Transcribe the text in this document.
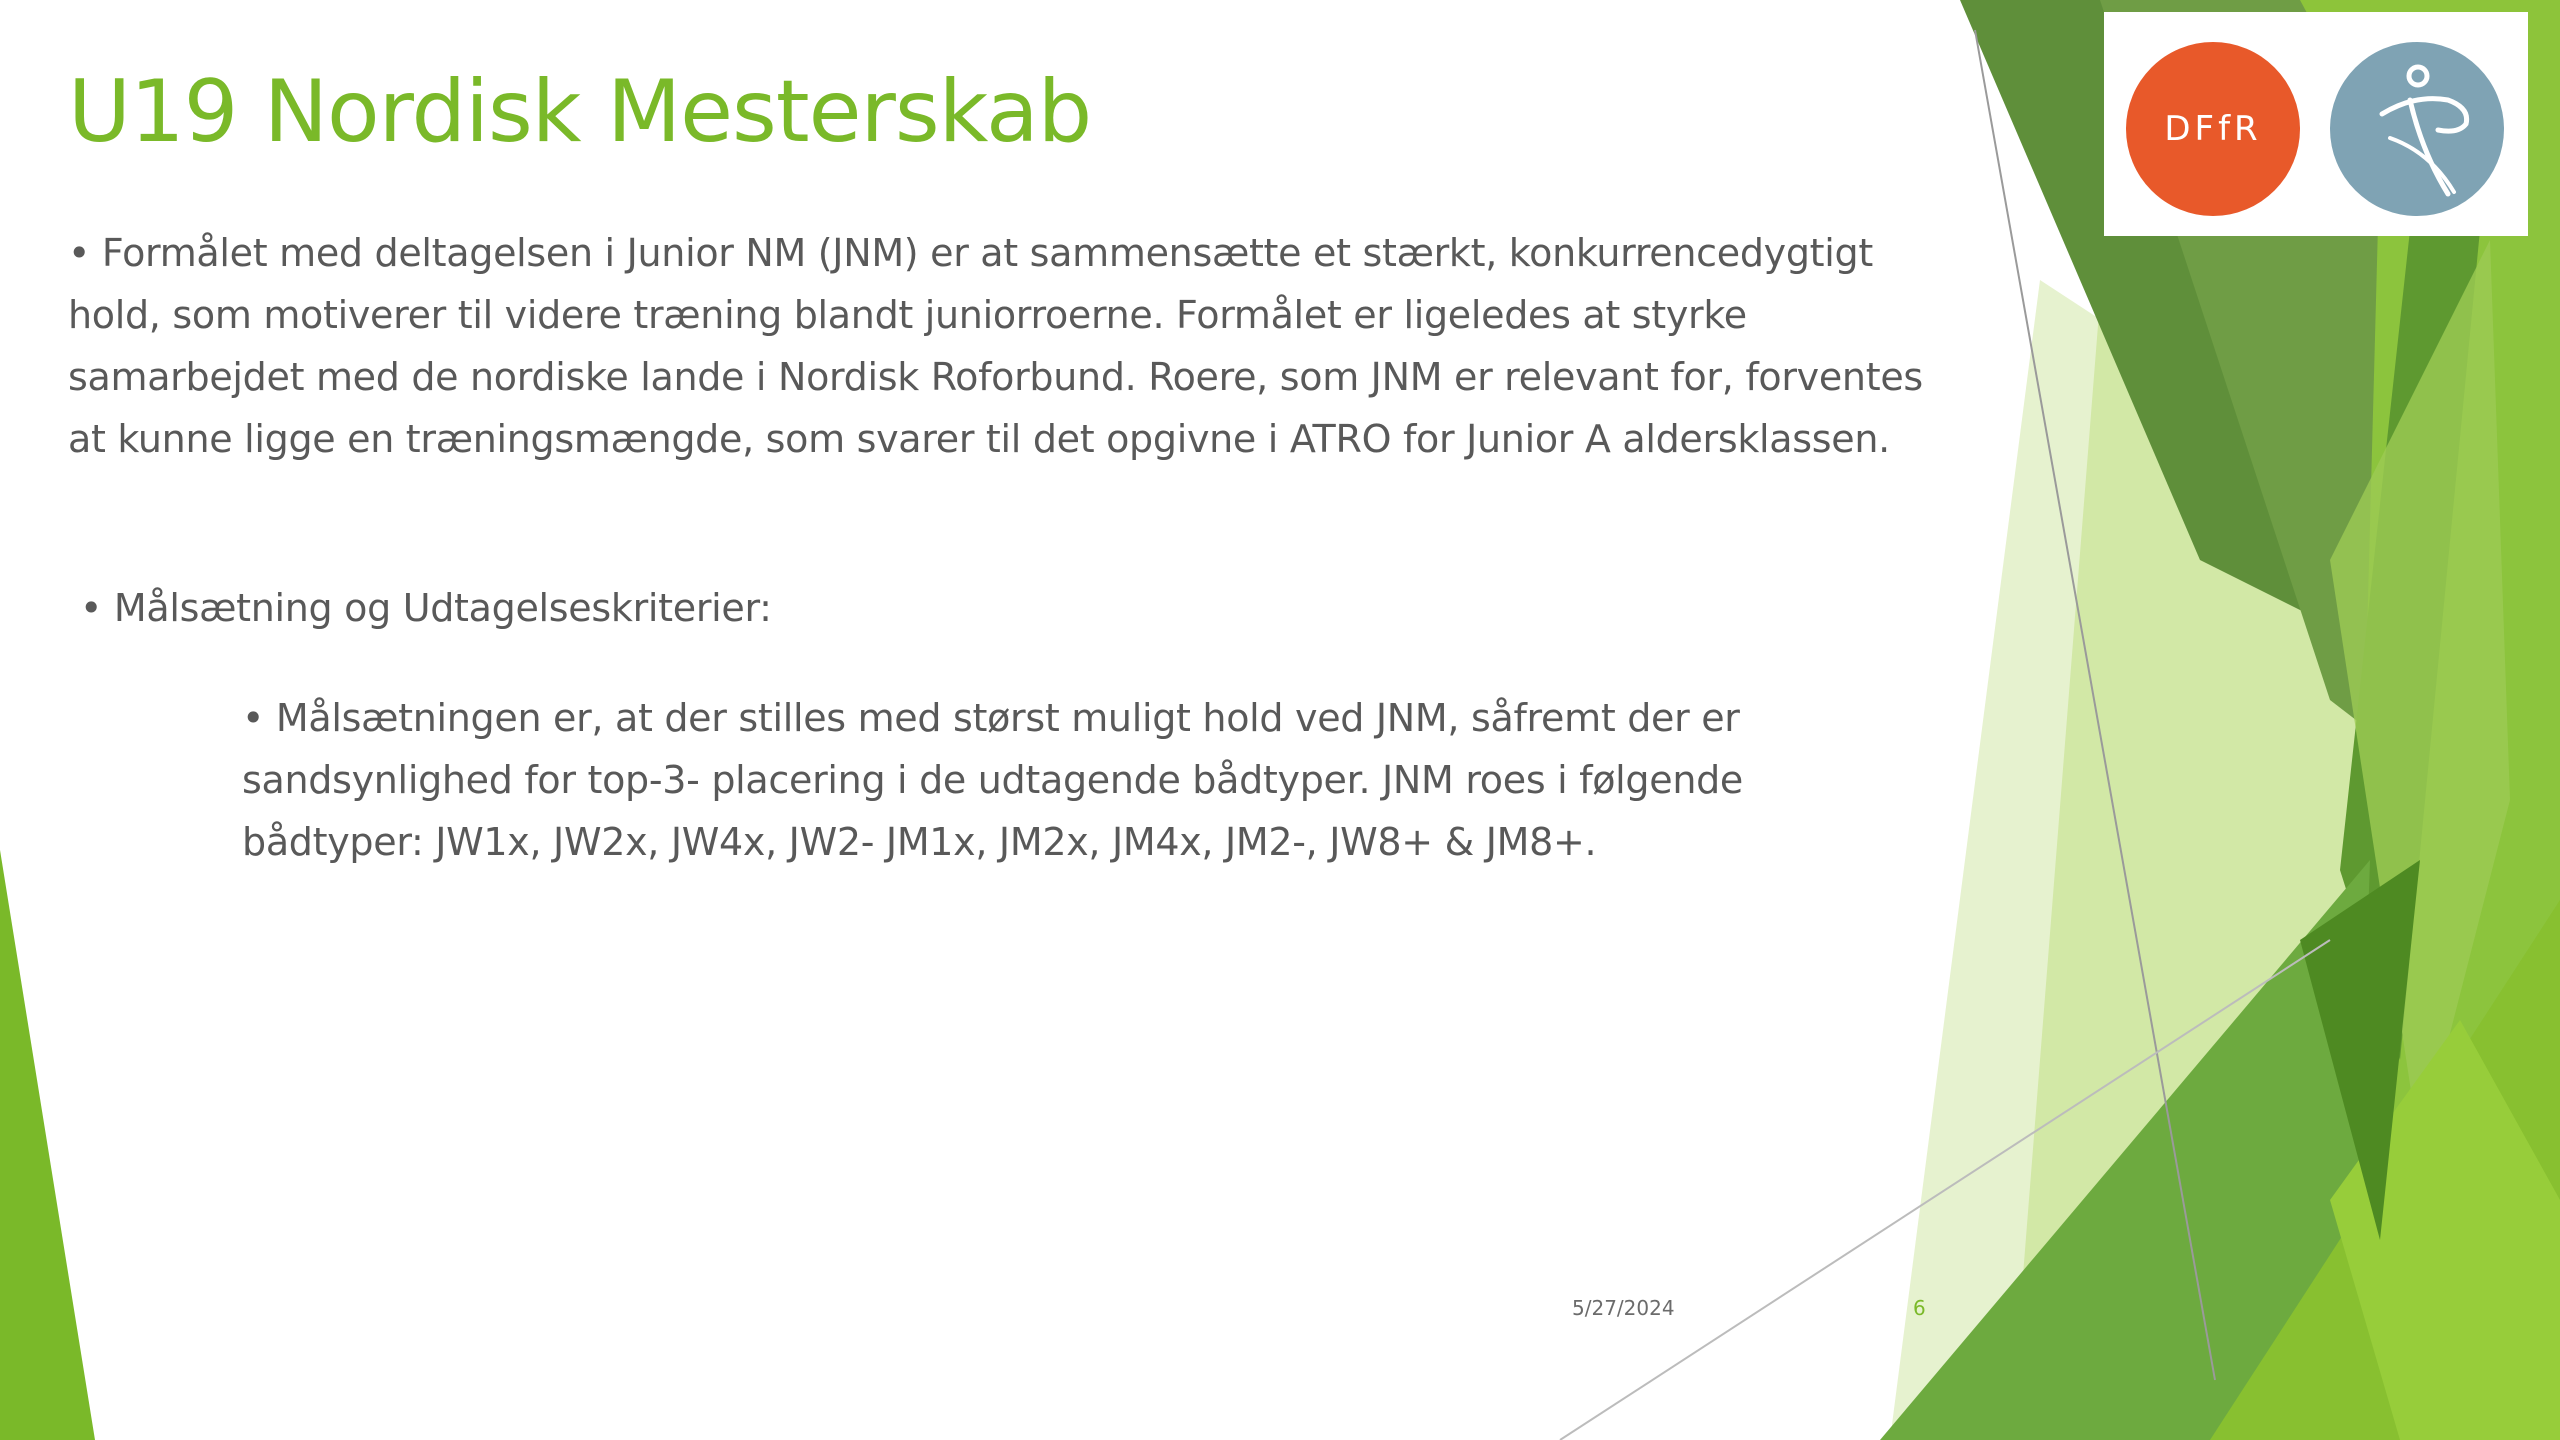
U19 Nordisk Mesterskab

• Formålet med deltagelsen i Junior NM (JNM) er at sammensætte et stærkt, konkurrencedygtigt hold, som motiverer til videre træning blandt juniorroerne. Formålet er ligeledes at styrke samarbejdet med de nordiske lande i Nordisk Roforbund. Roere, som JNM er relevant for, forventes at kunne ligge en træningsmængde, som svarer til det opgivne i ATRO for Junior A aldersklassen.

• Målsætning og Udtagelseskriterier:

• Målsætningen er, at der stilles med størst muligt hold ved JNM, såfremt der er sandsynlighed for top-3- placering i de udtagende bådtyper. JNM roes i følgende bådtyper: JW1x, JW2x, JW4x, JW2- JM1x, JM2x, JM4x, JM2-, JW8+ & JM8+.

5/27/2024	6
DFfR
